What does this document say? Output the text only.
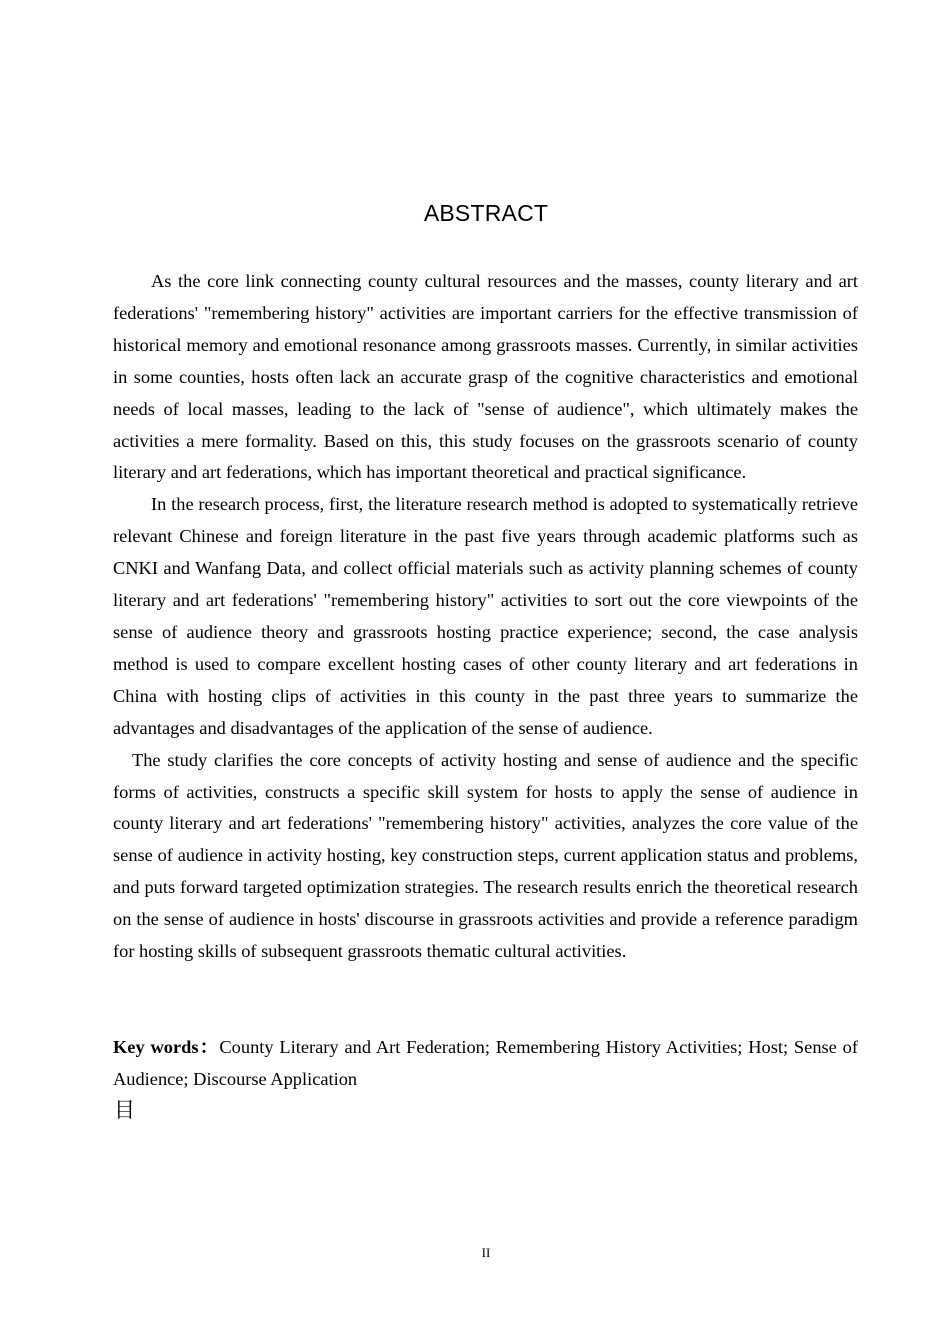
ABSTRACT

As the core link connecting county cultural resources and the masses, county literary and art federations' "remembering history" activities are important carriers for the effective transmission of historical memory and emotional resonance among grassroots masses. Currently, in similar activities in some counties, hosts often lack an accurate grasp of the cognitive characteristics and emotional needs of local masses, leading to the lack of "sense of audience", which ultimately makes the activities a mere formality. Based on this, this study focuses on the grassroots scenario of county literary and art federations, which has important theoretical and practical significance.

In the research process, first, the literature research method is adopted to systematically retrieve relevant Chinese and foreign literature in the past five years through academic platforms such as CNKI and Wanfang Data, and collect official materials such as activity planning schemes of county literary and art federations' "remembering history" activities to sort out the core viewpoints of the sense of audience theory and grassroots hosting practice experience; second, the case analysis method is used to compare excellent hosting cases of other county literary and art federations in China with hosting clips of activities in this county in the past three years to summarize the advantages and disadvantages of the application of the sense of audience.

The study clarifies the core concepts of activity hosting and sense of audience and the specific forms of activities, constructs a specific skill system for hosts to apply the sense of audience in county literary and art federations' "remembering history" activities, analyzes the core value of the sense of audience in activity hosting, key construction steps, current application status and problems, and puts forward targeted optimization strategies. The research results enrich the theoretical research on the sense of audience in hosts' discourse in grassroots activities and provide a reference paradigm for hosting skills of subsequent grassroots thematic cultural activities.

Key words：County Literary and Art Federation; Remembering History Activities; Host; Sense of Audience; Discourse Application
目
II
